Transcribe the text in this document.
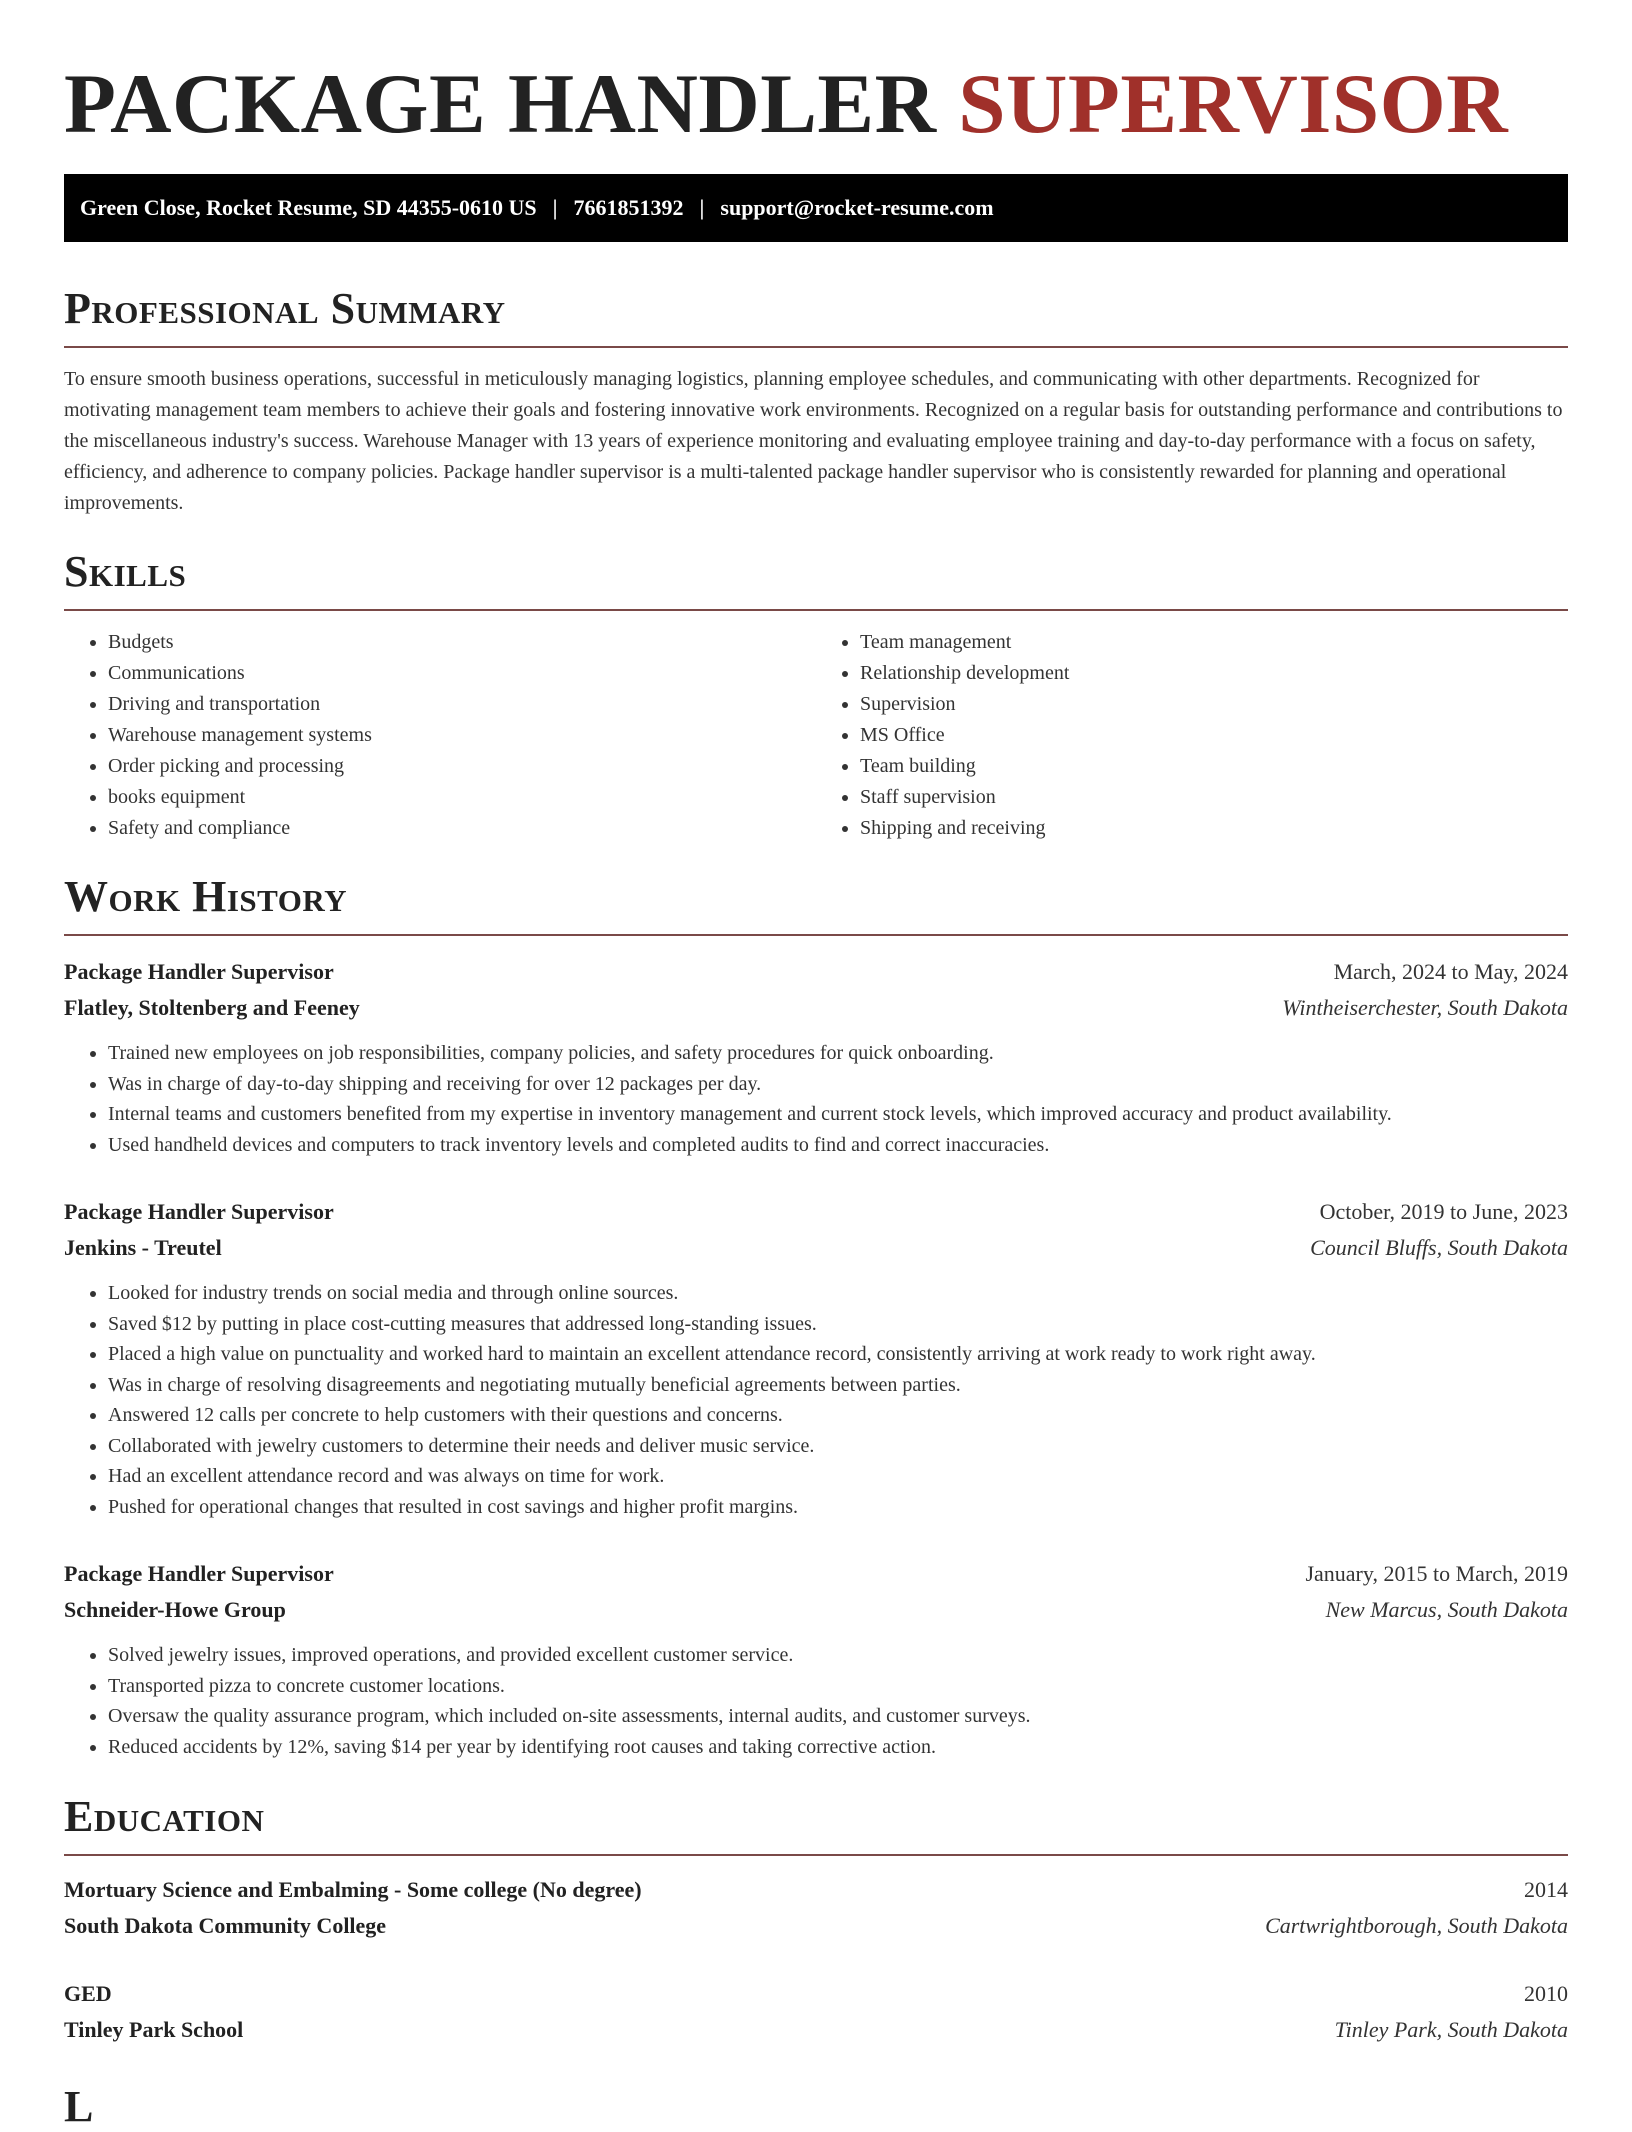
PACKAGE HANDLER SUPERVISOR
Green Close, Rocket Resume, SD 44355-0610 US | 7661851392 | support@rocket-resume.com
Professional Summary

To ensure smooth business operations, successful in meticulously managing logistics, planning employee schedules, and communicating with other departments. Recognized for motivating management team members to achieve their goals and fostering innovative work environments. Recognized on a regular basis for outstanding performance and contributions to the miscellaneous industry's success. Warehouse Manager with 13 years of experience monitoring and evaluating employee training and day-to-day performance with a focus on safety, efficiency, and adherence to company policies. Package handler supervisor is a multi-talented package handler supervisor who is consistently rewarded for planning and operational improvements.

Skills
• Budgets
• Communications
• Driving and transportation
• Warehouse management systems
• Order picking and processing
• books equipment
• Safety and compliance
• Team management
• Relationship development
• Supervision
• MS Office
• Team building
• Staff supervision
• Shipping and receiving
Work History
Package Handler Supervisor	March, 2024 to May, 2024
Flatley, Stoltenberg and Feeney	Wintheiserchester, South Dakota
• Trained new employees on job responsibilities, company policies, and safety procedures for quick onboarding.
• Was in charge of day-to-day shipping and receiving for over 12 packages per day.
• Internal teams and customers benefited from my expertise in inventory management and current stock levels, which improved accuracy and product availability.
• Used handheld devices and computers to track inventory levels and completed audits to find and correct inaccuracies.
Package Handler Supervisor	October, 2019 to June, 2023
Jenkins - Treutel	Council Bluffs, South Dakota
• Looked for industry trends on social media and through online sources.
• Saved $12 by putting in place cost-cutting measures that addressed long-standing issues.
• Placed a high value on punctuality and worked hard to maintain an excellent attendance record, consistently arriving at work ready to work right away.
• Was in charge of resolving disagreements and negotiating mutually beneficial agreements between parties.
• Answered 12 calls per concrete to help customers with their questions and concerns.
• Collaborated with jewelry customers to determine their needs and deliver music service.
• Had an excellent attendance record and was always on time for work.
• Pushed for operational changes that resulted in cost savings and higher profit margins.
Package Handler Supervisor	January, 2015 to March, 2019
Schneider-Howe Group	New Marcus, South Dakota
• Solved jewelry issues, improved operations, and provided excellent customer service.
• Transported pizza to concrete customer locations.
• Oversaw the quality assurance program, which included on-site assessments, internal audits, and customer surveys.
• Reduced accidents by 12%, saving $14 per year by identifying root causes and taking corrective action.
Education
Mortuary Science and Embalming - Some college (No degree)	2014
South Dakota Community College	Cartwrightborough, South Dakota
GED	2010
Tinley Park School	Tinley Park, South Dakota
L
